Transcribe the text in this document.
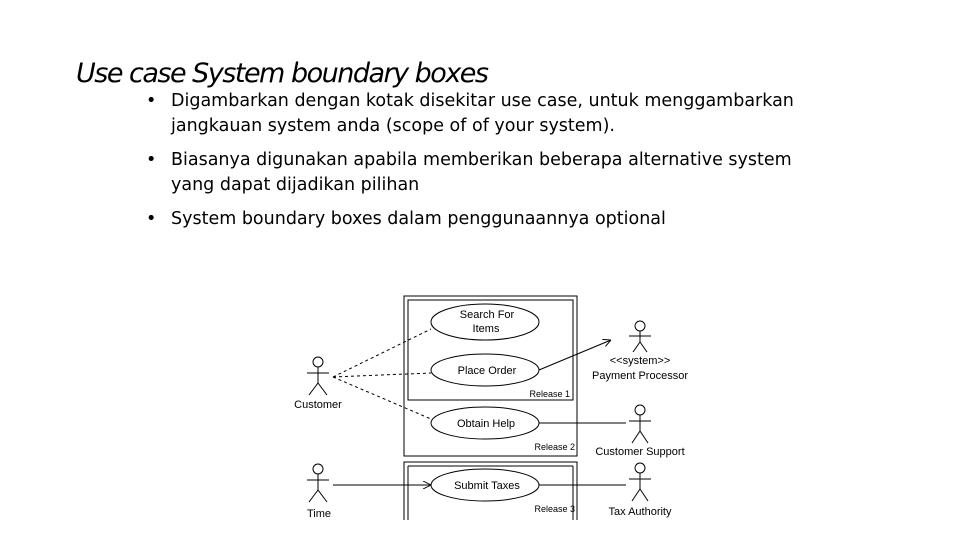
Use case System boundary boxes
• Digambarkan dengan kotak disekitar use case, untuk menggambarkan jangkauan system anda (scope of of your system).
• Biasanya digunakan apabila memberikan beberapa alternative system yang dapat dijadikan pilihan
• System boundary boxes dalam penggunaannya optional
Search For
Items
Place Order
Obtain Help
Submit Taxes
Release 1
Release 2
Release 3
Customer
Time
<<system>>
Payment Processor
Customer Support
Tax Authority
